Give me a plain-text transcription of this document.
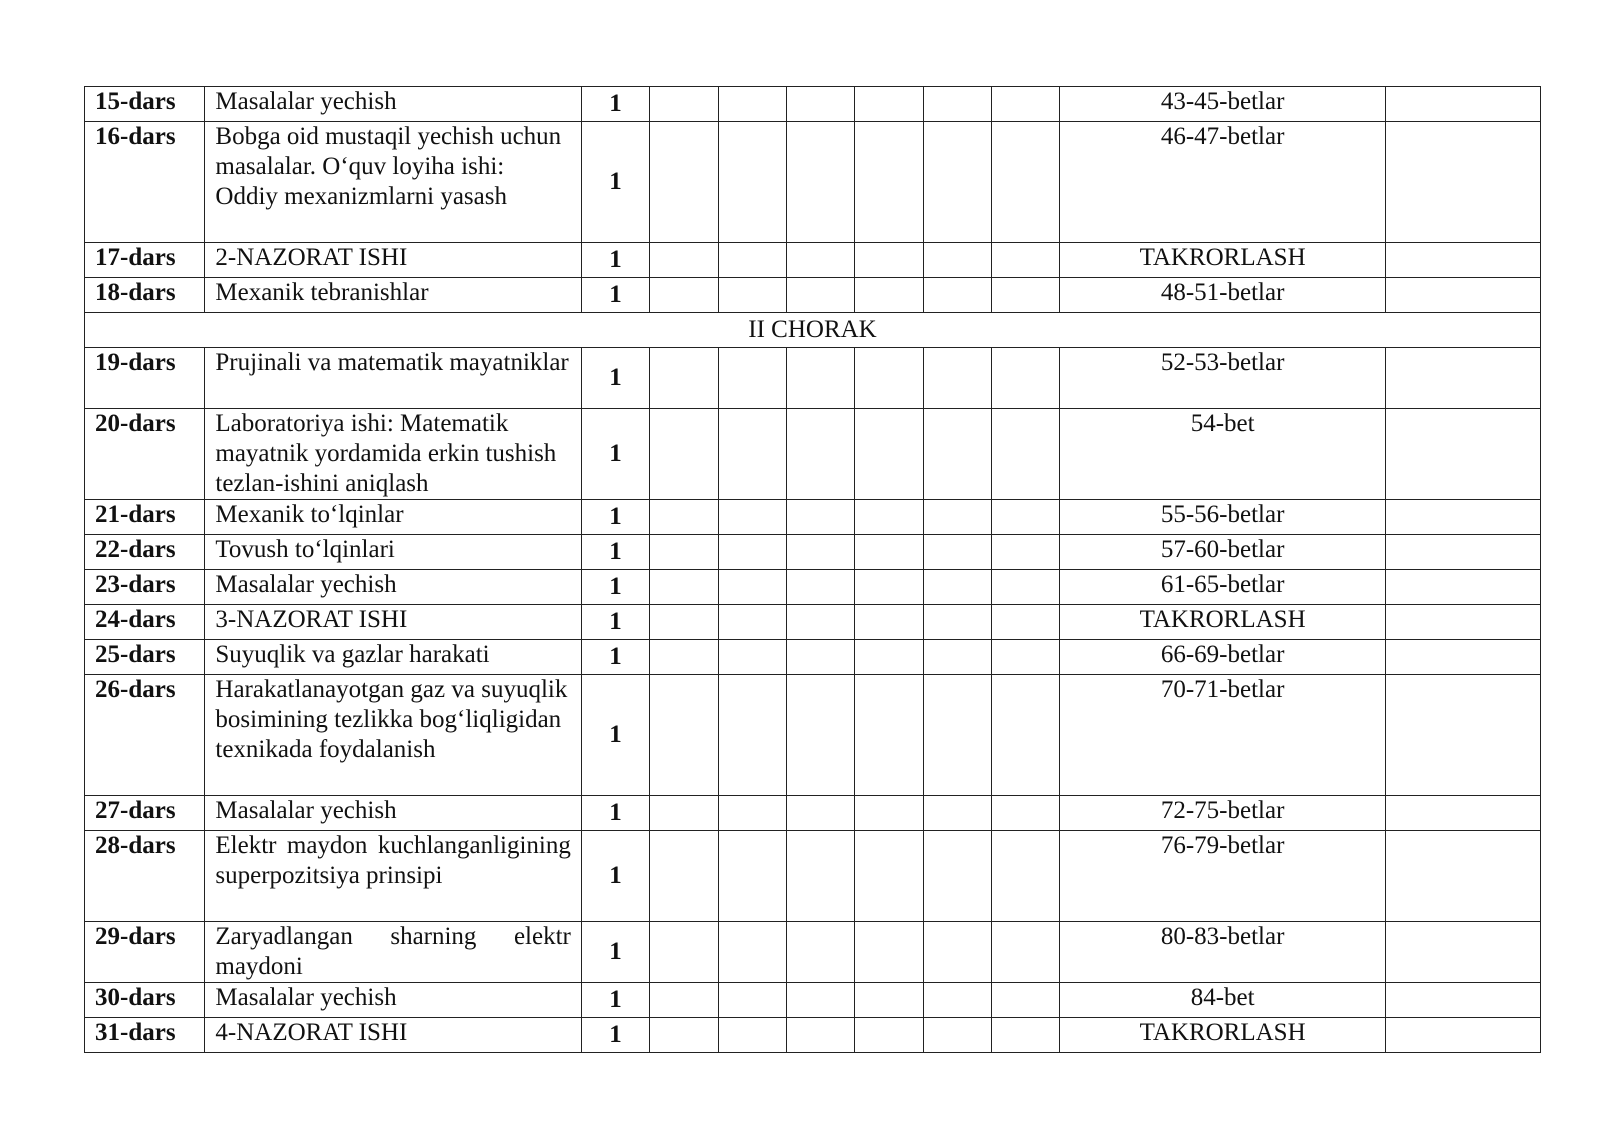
15-dars	Masalalar yechish	1							43-45-betlar	
16-dars	Bobga oid mustaqil yechish uchun masalalar. O‘quv loyiha ishi: Oddiy mexanizmlarni yasash	1							46-47-betlar	
17-dars	2-NAZORAT ISHI	1							TAKRORLASH	
18-dars	Mexanik tebranishlar	1							48-51-betlar	
II CHORAK										
19-dars	Prujinali va matematik mayatniklar	1							52-53-betlar	
20-dars	Laboratoriya ishi: Matematik mayatnik yordamida erkin tushish tezlan-ishini aniqlash	1							54-bet	
21-dars	Mexanik to‘lqinlar	1							55-56-betlar	
22-dars	Tovush to‘lqinlari	1							57-60-betlar	
23-dars	Masalalar yechish	1							61-65-betlar	
24-dars	3-NAZORAT ISHI	1							TAKRORLASH	
25-dars	Suyuqlik va gazlar harakati	1							66-69-betlar	
26-dars	Harakatlanayotgan gaz va suyuqlik bosimining tezlikka bog‘liqligidan texnikada foydalanish	1							70-71-betlar	
27-dars	Masalalar yechish	1							72-75-betlar	
28-dars	Elektr maydon kuchlanganligining superpozitsiya prinsipi	1							76-79-betlar	
29-dars	Zaryadlangan sharning elektr maydoni	1							80-83-betlar	
30-dars	Masalalar yechish	1							84-bet	
31-dars	4-NAZORAT ISHI	1							TAKRORLASH	
